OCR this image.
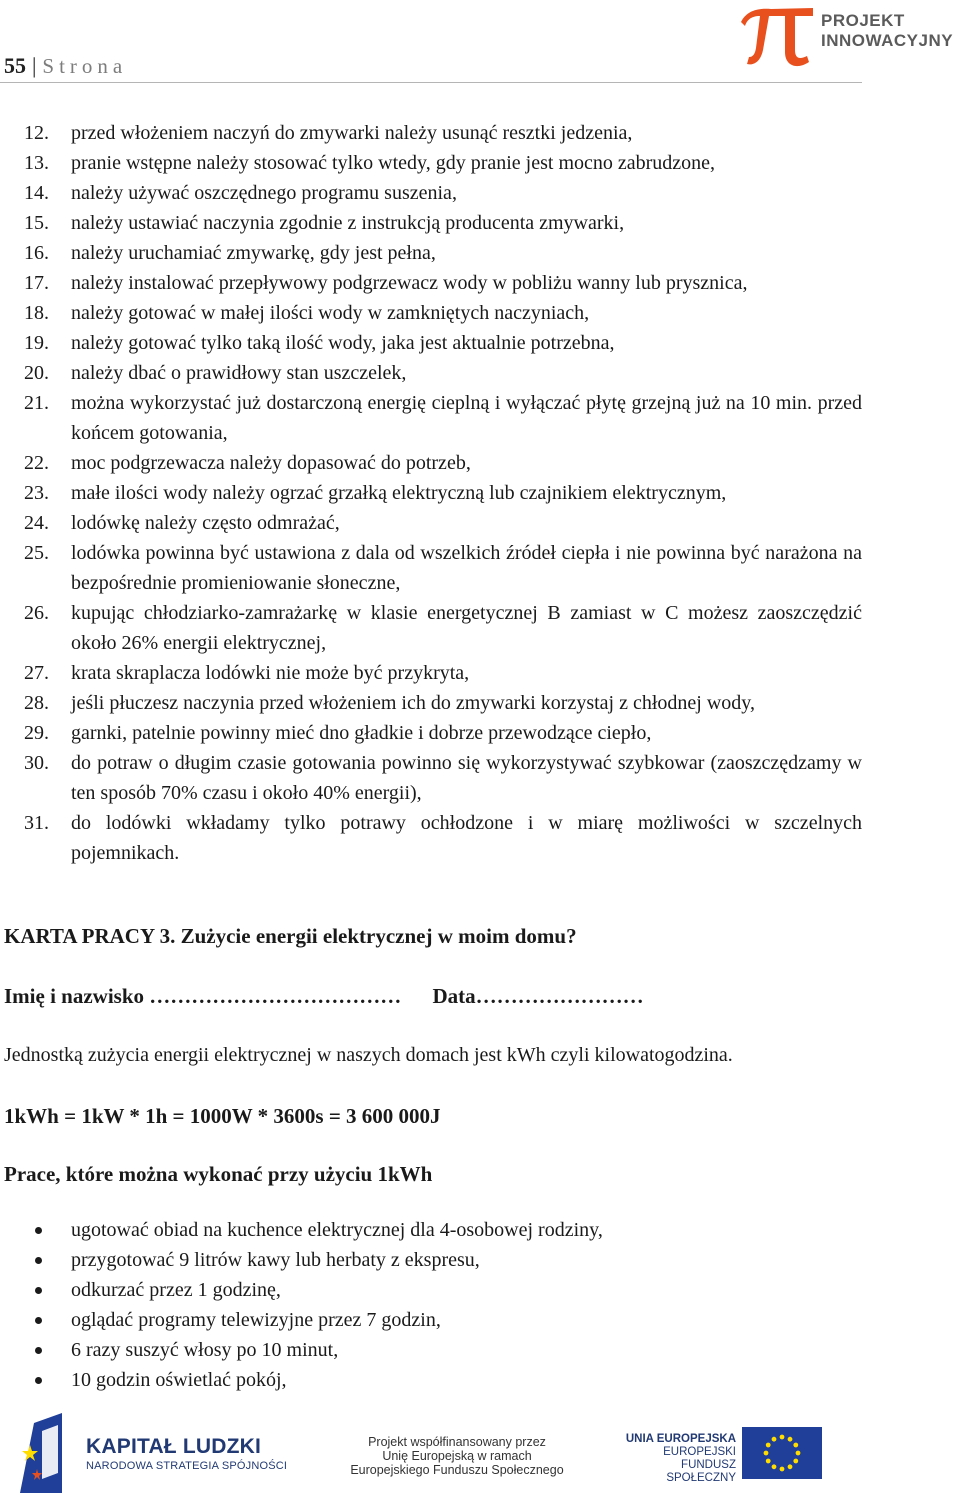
55 | Strona
PROJEKT
INNOWACYJNY
12. przed włożeniem naczyń do zmywarki należy usunąć resztki jedzenia,
13. pranie wstępne należy stosować tylko wtedy, gdy pranie jest mocno zabrudzone,
14. należy używać oszczędnego programu suszenia,
15. należy ustawiać naczynia zgodnie z instrukcją producenta zmywarki,
16. należy uruchamiać zmywarkę, gdy jest pełna,
17. należy instalować przepływowy podgrzewacz wody w pobliżu wanny lub prysznica,
18. należy gotować w małej ilości wody w zamkniętych naczyniach,
19. należy gotować tylko taką ilość wody, jaka jest aktualnie potrzebna,
20. należy dbać o prawidłowy stan uszczelek,
21. można wykorzystać już dostarczoną energię cieplną i wyłączać płytę grzejną już na 10 min. przed końcem gotowania,
22. moc podgrzewacza należy dopasować do potrzeb,
23. małe ilości wody należy ogrzać grzałką elektryczną lub czajnikiem elektrycznym,
24. lodówkę należy często odmrażać,
25. lodówka powinna być ustawiona z dala od wszelkich źródeł ciepła i nie powinna być narażona na bezpośrednie promieniowanie słoneczne,
26. kupując chłodziarko-zamrażarkę w klasie energetycznej B zamiast w C możesz zaoszczędzić około 26% energii elektrycznej,
27. krata skraplacza lodówki nie może być przykryta,
28. jeśli płuczesz naczynia przed włożeniem ich do zmywarki korzystaj z chłodnej wody,
29. garnki, patelnie powinny mieć dno gładkie i dobrze przewodzące ciepło,
30. do potraw o długim czasie gotowania powinno się wykorzystywać szybkowar (zaoszczędzamy w ten sposób 70% czasu i około 40% energii),
31. do lodówki wkładamy tylko potrawy ochłodzone i w miarę możliwości w szczelnych pojemnikach.
KARTA PRACY 3. Zużycie energii elektrycznej w moim domu?
Imię i nazwisko ……………………………… Data……………………
Jednostką zużycia energii elektrycznej w naszych domach jest kWh czyli kilowatogodzina.
1kWh = 1kW * 1h = 1000W * 3600s = 3 600 000J
Prace, które można wykonać przy użyciu 1kWh
ugotować obiad na kuchence elektrycznej dla 4-osobowej rodziny,
przygotować 9 litrów kawy lub herbaty z ekspresu,
odkurzać przez 1 godzinę,
oglądać programy telewizyjne przez 7 godzin,
6 razy suszyć włosy po 10 minut,
10 godzin oświetlać pokój,
KAPITAŁ LUDZKI
NARODOWA STRATEGIA SPÓJNOŚCI
Projekt współfinansowany przez
Unię Europejską w ramach
Europejskiego Funduszu Społecznego
UNIA EUROPEJSKA
EUROPEJSKI
FUNDUSZ SPOŁECZNY
